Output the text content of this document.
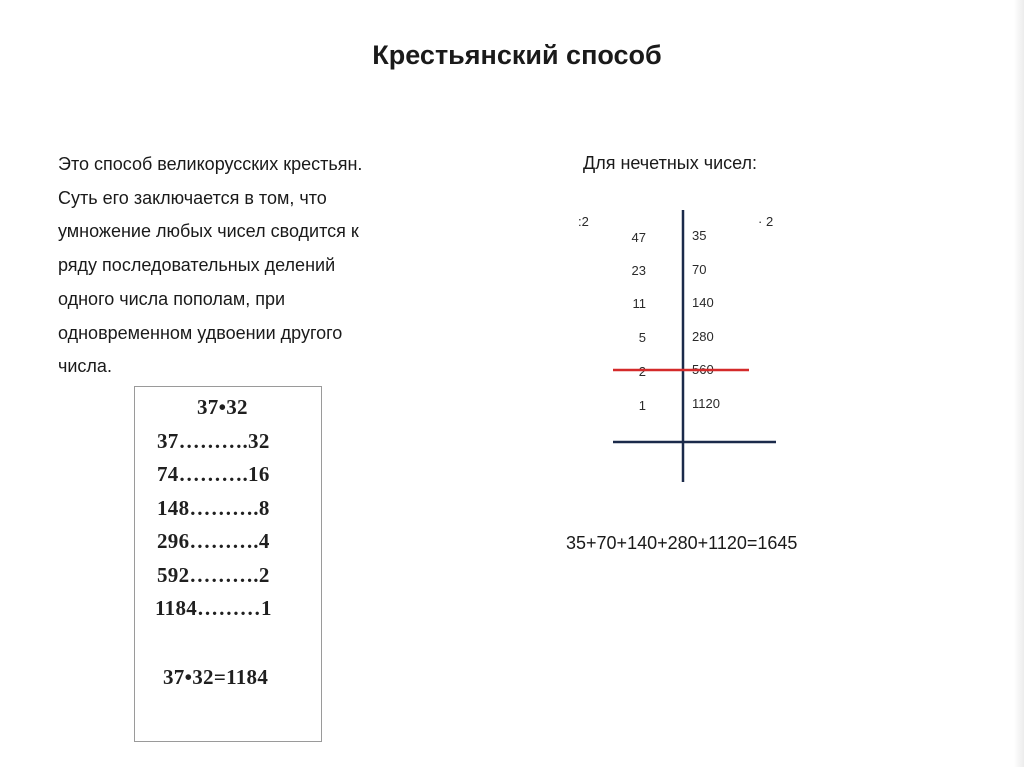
Крестьянский способ

Это способ великорусских крестьян.
Суть его заключается в том, что
умножение любых чисел сводится к
ряду последовательных делений
одного числа пополам, при
одновременном удвоении другого
числа.

37•32
37……….32
74……….16
148……….8
296……….4
592……….2
1184………1
37•32=1184

Для нечетных чисел:

:2	· 2
47
23
11
5
2
1
35
70
140
280
560
1120

35+70+140+280+1120=1645
